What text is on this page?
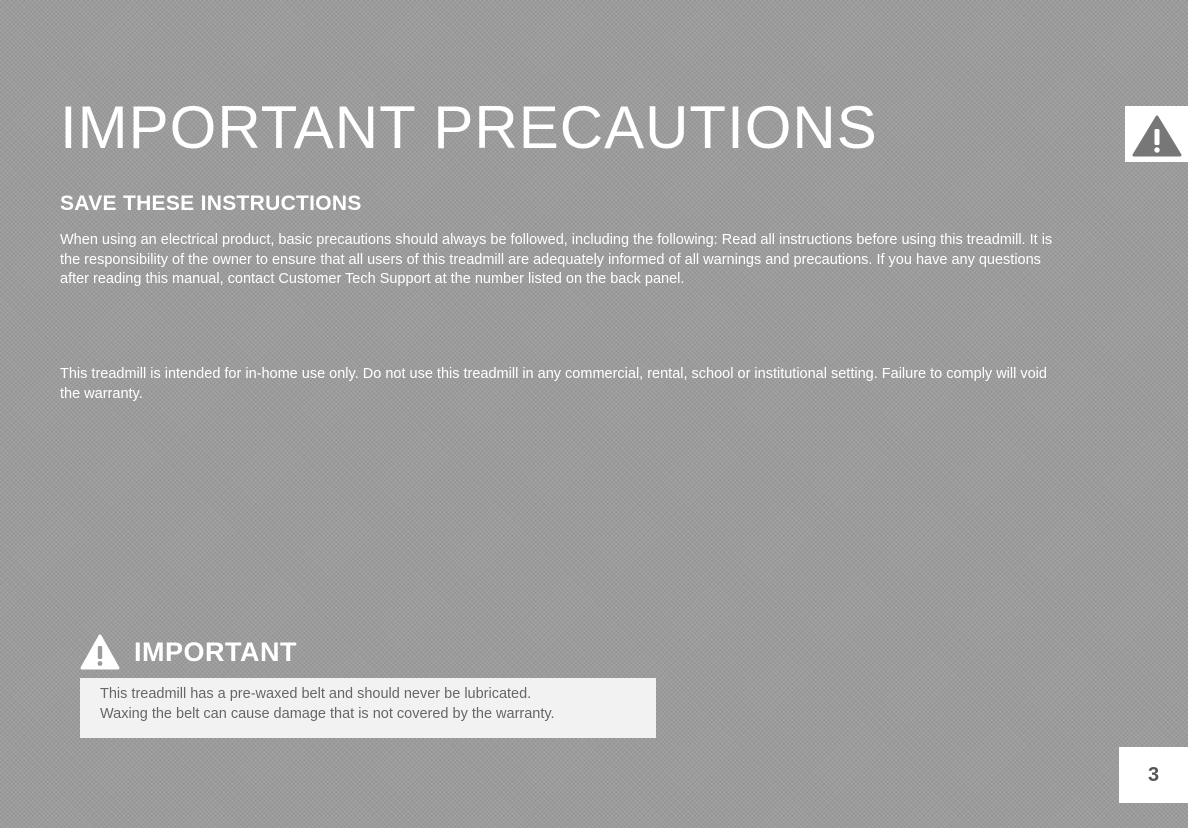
IMPORTANT PRECAUTIONS
SAVE THESE INSTRUCTIONS

When using an electrical product, basic precautions should always be followed, including the following: Read all instructions before using this treadmill. It is the responsibility of the owner to ensure that all users of this treadmill are adequately informed of all warnings and precautions. If you have any questions after reading this manual, contact Customer Tech Support at the number listed on the back panel.

This treadmill is intended for in-home use only. Do not use this treadmill in any commercial, rental, school or institutional setting. Failure to comply will void the warranty.

IMPORTANT

This treadmill has a pre-waxed belt and should never be lubricated.

Waxing the belt can cause damage that is not covered by the warranty.

3
